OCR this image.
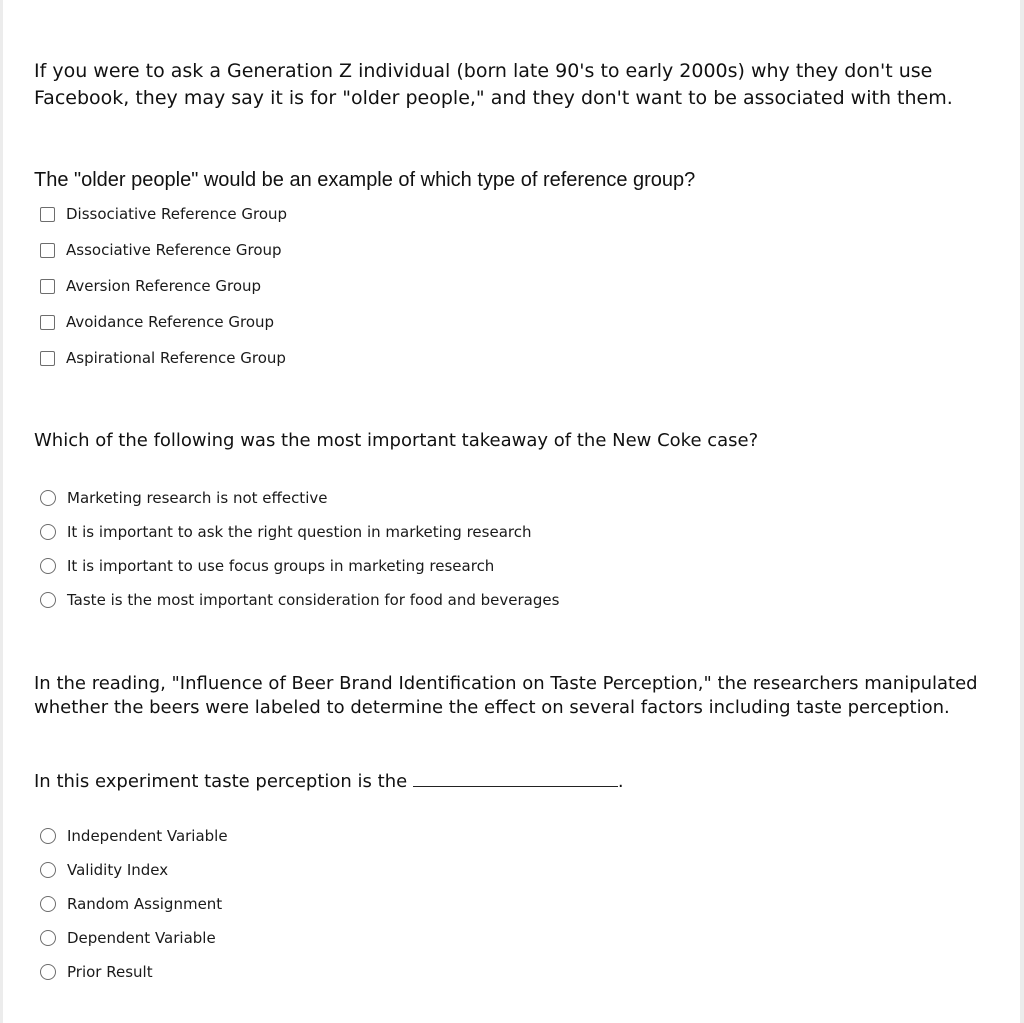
If you were to ask a Generation Z individual (born late 90's to early 2000s) why they don't use Facebook, they may say it is for "older people," and they don't want to be associated with them.

The "older people" would be an example of which type of reference group?

Dissociative Reference Group
Associative Reference Group
Aversion Reference Group
Avoidance Reference Group
Aspirational Reference Group

Which of the following was the most important takeaway of the New Coke case?

Marketing research is not effective
It is important to ask the right question in marketing research
It is important to use focus groups in marketing research
Taste is the most important consideration for food and beverages

In the reading, "Influence of Beer Brand Identification on Taste Perception," the researchers manipulated whether the beers were labeled to determine the effect on several factors including taste perception.

In this experiment taste perception is the	.

Independent Variable
Validity Index
Random Assignment
Dependent Variable
Prior Result
